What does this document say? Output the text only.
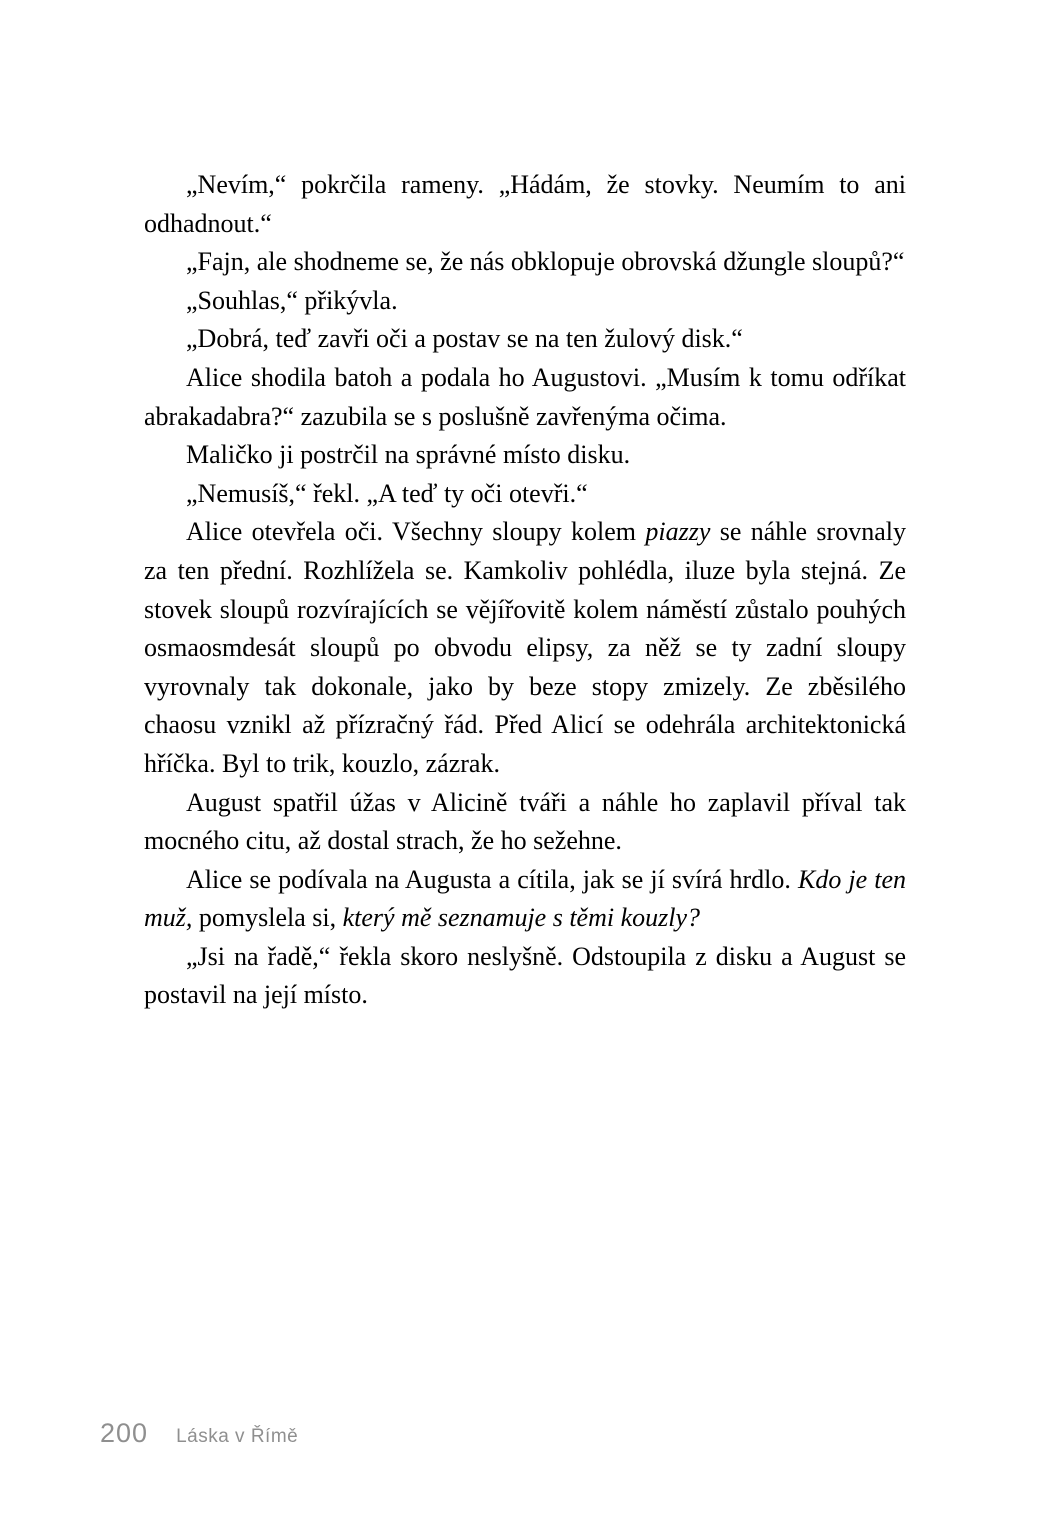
„Nevím,“ pokrčila rameny. „Hádám, že stovky. Neumím to ani odhadnout.“

„Fajn, ale shodneme se, že nás obklopuje obrovská džungle sloupů?“

„Souhlas,“ přikývla.

„Dobrá, teď zavři oči a postav se na ten žulový disk.“

Alice shodila batoh a podala ho Augustovi. „Musím k tomu odříkat abrakadabra?“ zazubila se s poslušně zavřenýma očima.

Maličko ji postrčil na správné místo disku.

„Nemusíš,“ řekl. „A teď ty oči otevři.“

Alice otevřela oči. Všechny sloupy kolem piazzy se náhle srovnaly za ten přední. Rozhlížela se. Kamkoliv pohlédla, iluze byla stejná. Ze stovek sloupů rozvírajících se vějířovitě kolem náměstí zůstalo pouhých osmaosmdesát sloupů po obvodu elipsy, za něž se ty zadní sloupy vyrovnaly tak dokonale, jako by beze stopy zmizely. Ze zběsilého chaosu vznikl až přízračný řád. Před Alicí se odehrála architektonická hříčka. Byl to trik, kouzlo, zázrak.

August spatřil úžas v Alicině tváři a náhle ho zaplavil příval tak mocného citu, až dostal strach, že ho sežehne.

Alice se podívala na Augusta a cítila, jak se jí svírá hrdlo. Kdo je ten muž, pomyslela si, který mě seznamuje s těmi kouzly?

„Jsi na řadě,“ řekla skoro neslyšně. Odstoupila z disku a August se postavil na její místo.

200 Láska v Římě
